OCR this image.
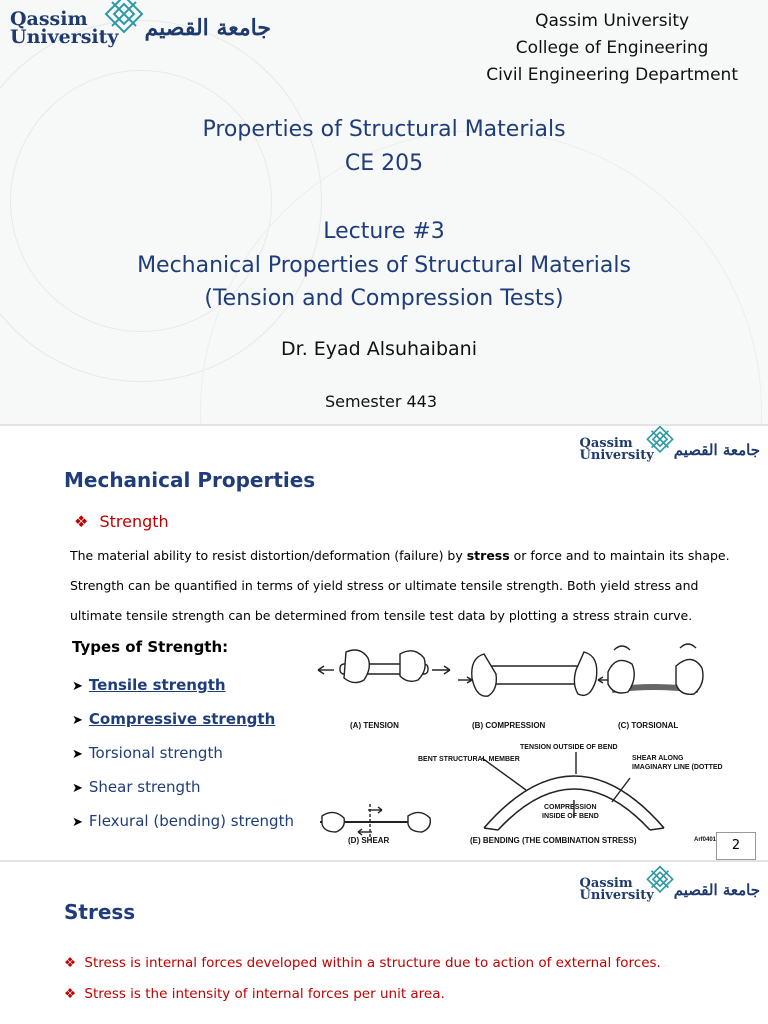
Qassim
University جامعة القصيم	Qassim University
College of Engineering
Civil Engineering Department
Properties of Structural Materials
CE 205
Lecture #3
Mechanical Properties of Structural Materials
(Tension and Compression Tests)
Dr. Eyad Alsuhaibani
Semester 443
Qassim
University جامعة القصيم
Mechanical Properties
❖ Strength
The material ability to resist distortion/deformation (failure) by stress or force and to maintain its shape.
Strength can be quantified in terms of yield stress or ultimate tensile strength. Both yield stress and
ultimate tensile strength can be determined from tensile test data by plotting a stress strain curve.
Types of Strength:
➤ Tensile strength
➤ Compressive strength
➤ Torsional strength
➤ Shear strength
➤ Flexural (bending) strength
(A) TENSION	(B) COMPRESSION	(C) TORSIONAL
TENSION OUTSIDE OF BEND
BENT STRUCTURAL MEMBER	SHEAR ALONG
IMAGINARY LINE (DOTTED
COMPRESSION
INSIDE OF BEND
(D) SHEAR	(E) BENDING (THE COMBINATION STRESS)	Arf0401	2
Qassim
University جامعة القصيم
Stress
❖ Stress is internal forces developed within a structure due to action of external forces.
❖ Stress is the intensity of internal forces per unit area.
